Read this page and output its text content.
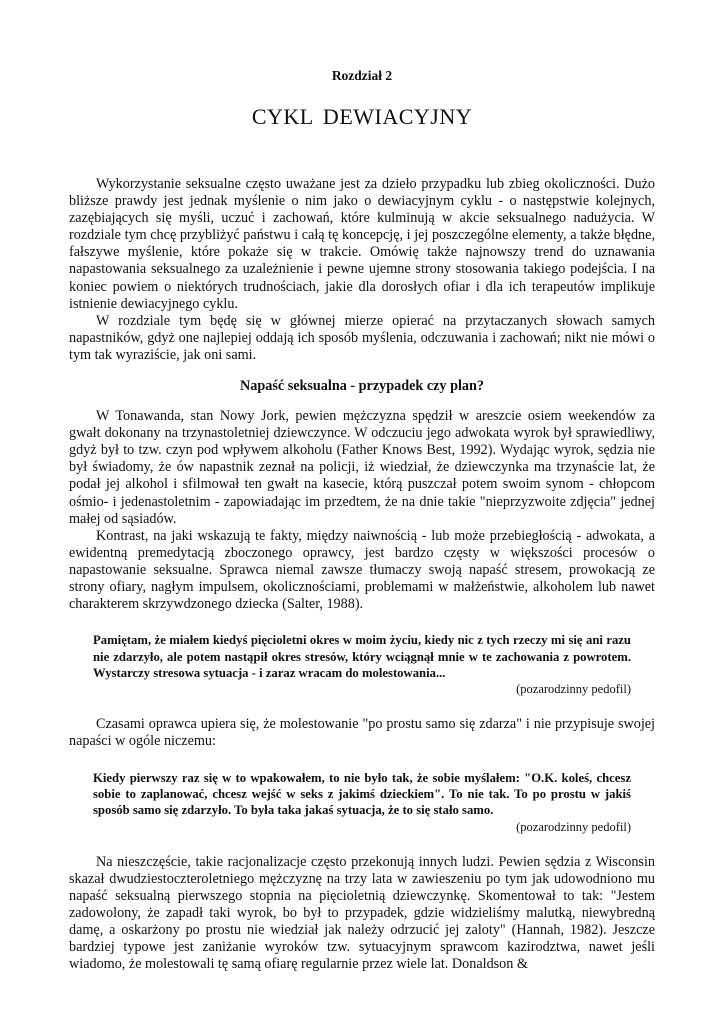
Rozdział 2
CYKL DEWIACYJNY

Wykorzystanie seksualne często uważane jest za dzieło przypadku lub zbieg okoliczności. Dużo bliższe prawdy jest jednak myślenie o nim jako o dewiacyjnym cyklu - o następstwie kolejnych, zazębiających się myśli, uczuć i zachowań, które kulminują w akcie seksualnego nadużycia. W rozdziale tym chcę przybliżyć państwu i całą tę koncepcję, i jej poszczególne elementy, a także błędne, fałszywe myślenie, które pokaże się w trakcie. Omówię także najnowszy trend do uznawania napastowania seksualnego za uzależnienie i pewne ujemne strony stosowania takiego podejścia. I na koniec powiem o niektórych trudnościach, jakie dla dorosłych ofiar i dla ich terapeutów implikuje istnienie dewiacyjnego cyklu.

W rozdziale tym będę się w głównej mierze opierać na przytaczanych słowach samych napastników, gdyż one najlepiej oddają ich sposób myślenia, odczuwania i zachowań; nikt nie mówi o tym tak wyraziście, jak oni sami.

Napaść seksualna - przypadek czy plan?

W Tonawanda, stan Nowy Jork, pewien mężczyzna spędził w areszcie osiem weekendów za gwałt dokonany na trzynastoletniej dziewczynce. W odczuciu jego adwokata wyrok był sprawiedliwy, gdyż był to tzw. czyn pod wpływem alkoholu (Father Knows Best, 1992). Wydając wyrok, sędzia nie był świadomy, że ów napastnik zeznał na policji, iż wiedział, że dziewczynka ma trzynaście lat, że podał jej alkohol i sfilmował ten gwałt na kasecie, którą puszczał potem swoim synom - chłopcom ośmio- i jedenastoletnim - zapowiadając im przedtem, że na dnie takie "nieprzyzwoite zdjęcia" jednej małej od sąsiadów.

Kontrast, na jaki wskazują te fakty, między naiwnością - lub może przebiegłością - adwokata, a ewidentną premedytacją zboczonego oprawcy, jest bardzo częsty w większości procesów o napastowanie seksualne. Sprawca niemal zawsze tłumaczy swoją napaść stresem, prowokacją ze strony ofiary, nagłym impulsem, okolicznościami, problemami w małżeństwie, alkoholem lub nawet charakterem skrzywdzonego dziecka (Salter, 1988).

Pamiętam, że miałem kiedyś pięcioletni okres w moim życiu, kiedy nic z tych rzeczy mi się ani razu nie zdarzyło, ale potem nastąpił okres stresów, który wciągnął mnie w te zachowania z powrotem. Wystarczy stresowa sytuacja - i zaraz wracam do molestowania...
(pozarodzinny pedofil)

Czasami oprawca upiera się, że molestowanie "po prostu samo się zdarza" i nie przypisuje swojej napaści w ogóle niczemu:

Kiedy pierwszy raz się w to wpakowałem, to nie było tak, że sobie myślałem: "O.K. koleś, chcesz sobie to zaplanować, chcesz wejść w seks z jakimś dzieckiem". To nie tak. To po prostu w jakiś sposób samo się zdarzyło. To była taka jakaś sytuacja, że to się stało samo.
(pozarodzinny pedofil)

Na nieszczęście, takie racjonalizacje często przekonują innych ludzi. Pewien sędzia z Wisconsin skazał dwudziestoczteroletniego mężczyznę na trzy lata w zawieszeniu po tym jak udowodniono mu napaść seksualną pierwszego stopnia na pięcioletnią dziewczynkę. Skomentował to tak: "Jestem zadowolony, że zapadł taki wyrok, bo był to przypadek, gdzie widzieliśmy malutką, niewybredną damę, a oskarżony po prostu nie wiedział jak należy odrzucić jej zaloty" (Hannah, 1982). Jeszcze bardziej typowe jest zaniżanie wyroków tzw. sytuacyjnym sprawcom kazirodztwa, nawet jeśli wiadomo, że molestowali tę samą ofiarę regularnie przez wiele lat. Donaldson &
